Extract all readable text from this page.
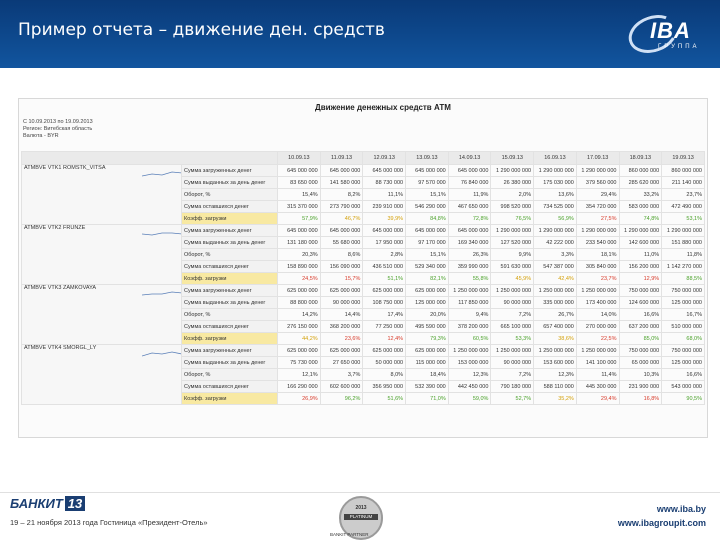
Пример отчета – движение ден. средств	IBA
ГРУППА
Движение денежных средств АТМ
С 10.09.2013 по 19.09.2013
Регион: Витебская область
Валюта - BYR
		10.09.13	11.09.13	12.09.13	13.09.13	14.09.13	15.09.13	16.09.13	17.09.13	18.09.13	19.09.13

ATMBVE VTK1 ROMSTK_VITSA	Сумма загруженных денег	645 000 000	645 000 000	645 000 000	645 000 000	645 000 000	1 290 000 000	1 290 000 000	1 290 000 000	860 000 000	860 000 000
	Сумма выданных за день денег	83 650 000	141 580 000	88 730 000	97 570 000	76 840 000	26 380 000	175 030 000	379 560 000	285 620 000	211 140 000
	Оборот, %	15,4%	8,2%	11,1%	15,1%	11,9%	2,0%	13,6%	29,4%	33,2%	23,7%
	Сумма оставшихся денег	315 370 000	273 790 000	239 910 000	546 290 000	467 650 000	998 520 000	734 525 000	354 720 000	583 000 000	472 490 000
	Коэфф. загрузки	57,9%	46,7%	39,9%	84,8%	72,8%	76,5%	56,9%	27,5%	74,8%	53,1%

ATMBVE VTK2 FRUNZE	Сумма загруженных денег	645 000 000	645 000 000	645 000 000	645 000 000	645 000 000	1 290 000 000	1 290 000 000	1 290 000 000	1 290 000 000	1 290 000 000
	Сумма выданных за день денег	131 180 000	55 680 000	17 950 000	97 170 000	169 340 000	127 520 000	42 222 000	233 540 000	142 600 000	151 880 000
	Оборот, %	20,3%	8,6%	2,8%	15,1%	26,3%	9,9%	3,3%	18,1%	11,0%	11,8%
	Сумма оставшихся денег	158 890 000	156 090 000	436 510 000	529 340 000	359 990 000	591 630 000	547 387 000	305 840 000	156 200 000	1 142 270 000
	Коэфф. загрузки	24,5%	15,7%	51,1%	82,1%	55,8%	45,9%	42,4%	23,7%	12,9%	88,5%

ATMBVE VTK3 ZAMKOVAYA	Сумма загруженных денег	625 000 000	625 000 000	625 000 000	625 000 000	1 250 000 000	1 250 000 000	1 250 000 000	1 250 000 000	750 000 000	750 000 000
	Сумма выданных за день денег	88 800 000	90 000 000	108 750 000	125 000 000	117 850 000	90 000 000	335 000 000	173 400 000	124 600 000	125 000 000
	Оборот, %	14,2%	14,4%	17,4%	20,0%	9,4%	7,2%	26,7%	14,0%	16,6%	16,7%
	Сумма оставшихся денег	276 150 000	368 200 000	77 250 000	495 590 000	378 200 000	665 100 000	657 400 000	270 000 000	637 200 000	510 000 000
	Коэфф. загрузки	44,2%	23,6%	12,4%	79,3%	60,5%	53,3%	38,6%	22,5%	85,0%	68,0%

ATMBVE VTK4 SMORGL_LY	Сумма загруженных денег	625 000 000	625 000 000	625 000 000	625 000 000	1 250 000 000	1 250 000 000	1 250 000 000	1 250 000 000	750 000 000	750 000 000
	Сумма выданных за день денег	75 730 000	27 650 000	50 000 000	115 000 000	153 000 000	90 000 000	153 600 000	141 100 000	65 000 000	125 000 000
	Оборот, %	12,1%	3,7%	8,0%	18,4%	12,3%	7,2%	12,3%	11,4%	10,3%	16,6%
	Сумма оставшихся денег	166 290 000	602 600 000	356 950 000	532 390 000	442 450 000	790 180 000	588 110 000	445 300 000	231 900 000	543 000 000
	Коэфф. загрузки	26,9%	96,2%	51,6%	71,0%	59,0%	52,7%	35,2%	29,4%	16,8%	90,5%
БАНКИТ 13
19 – 21 ноября 2013 года Гостиница «Президент-Отель»
2013
PLATINUM
BANKIT PARTNER
www.iba.by
www.ibagroupit.com
